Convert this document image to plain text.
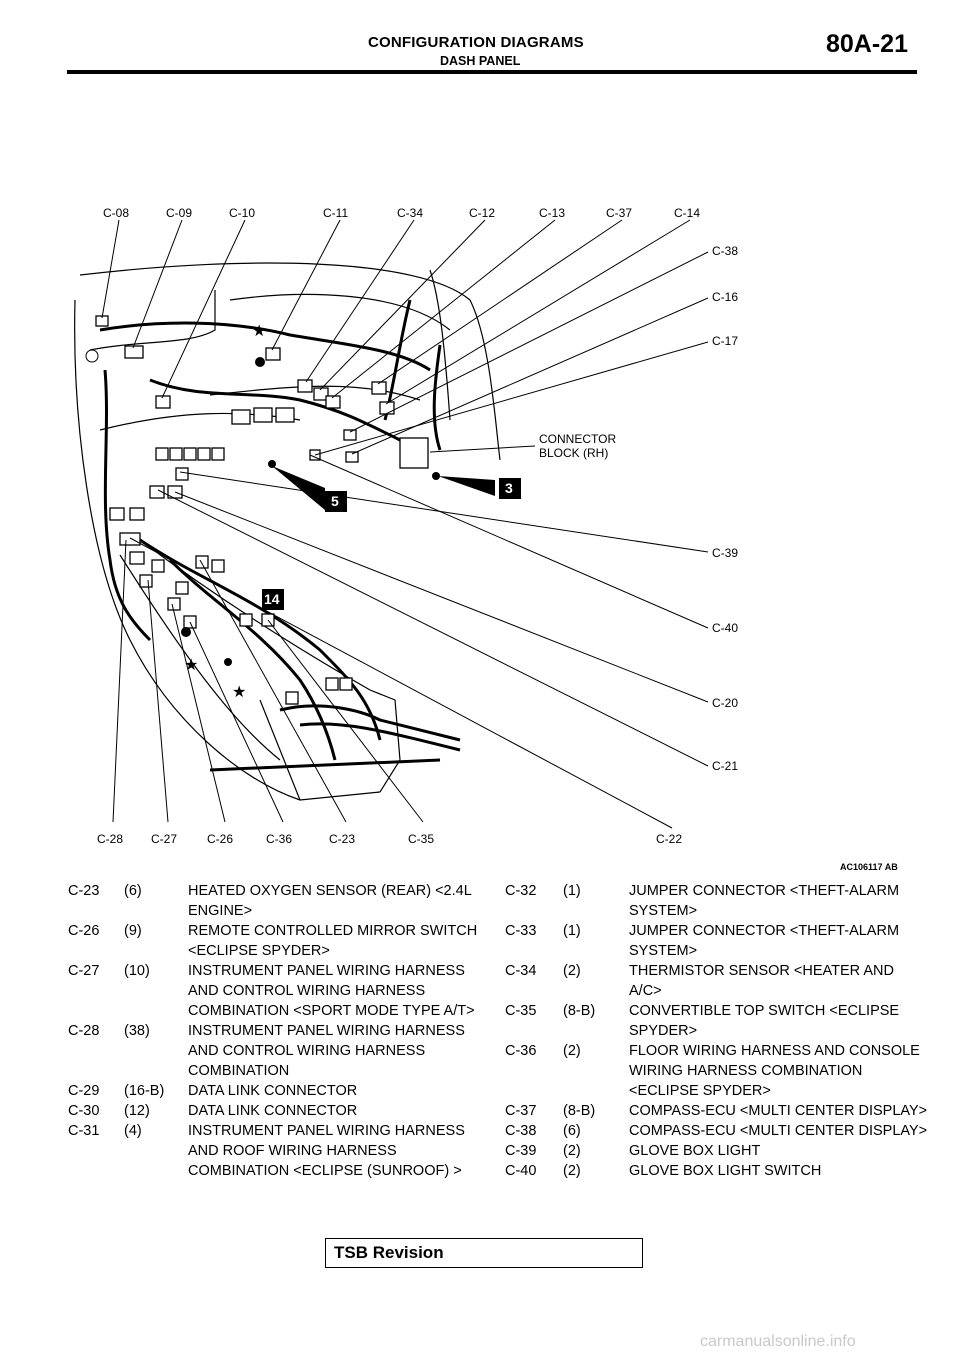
CONFIGURATION DIAGRAMS
DASH PANEL
80A-21
★
★
★
C-08	C-09	C-10	C-11	C-34	C-12	C-13	C-37	C-14
C-38
C-16
C-17
C-39
C-40
C-20
C-21
CONNECTOR
BLOCK (RH)
5
3
14
C-28 C-27 C-26	C-36	C-23	C-35	C-22
AC106117 AB
C-23 (6)	HEATED OXYGEN SENSOR (REAR) <2.4L ENGINE>
C-26 (9)	REMOTE CONTROLLED MIRROR SWITCH <ECLIPSE SPYDER>
C-27 (10)	INSTRUMENT PANEL WIRING HARNESS AND CONTROL WIRING HARNESS COMBINATION <SPORT MODE TYPE A/T>
C-28 (38)	INSTRUMENT PANEL WIRING HARNESS AND CONTROL WIRING HARNESS COMBINATION
C-29 (16-B) DATA LINK CONNECTOR
C-30 (12)	DATA LINK CONNECTOR
C-31 (4)	INSTRUMENT PANEL WIRING HARNESS AND ROOF WIRING HARNESS COMBINATION <ECLIPSE (SUNROOF) >
C-32 (1)	JUMPER CONNECTOR <THEFT-ALARM SYSTEM>
C-33 (1)	JUMPER CONNECTOR <THEFT-ALARM SYSTEM>
C-34 (2)	THERMISTOR SENSOR <HEATER AND A/C>
C-35 (8-B) CONVERTIBLE TOP SWITCH <ECLIPSE SPYDER>
C-36 (2)	FLOOR WIRING HARNESS AND CONSOLE WIRING HARNESS COMBINATION <ECLIPSE SPYDER>
C-37 (8-B) COMPASS-ECU <MULTI CENTER DISPLAY>
C-38 (6)	COMPASS-ECU <MULTI CENTER DISPLAY>
C-39 (2)	GLOVE BOX LIGHT
C-40 (2)	GLOVE BOX LIGHT SWITCH
TSB Revision
carmanualsonline.info
